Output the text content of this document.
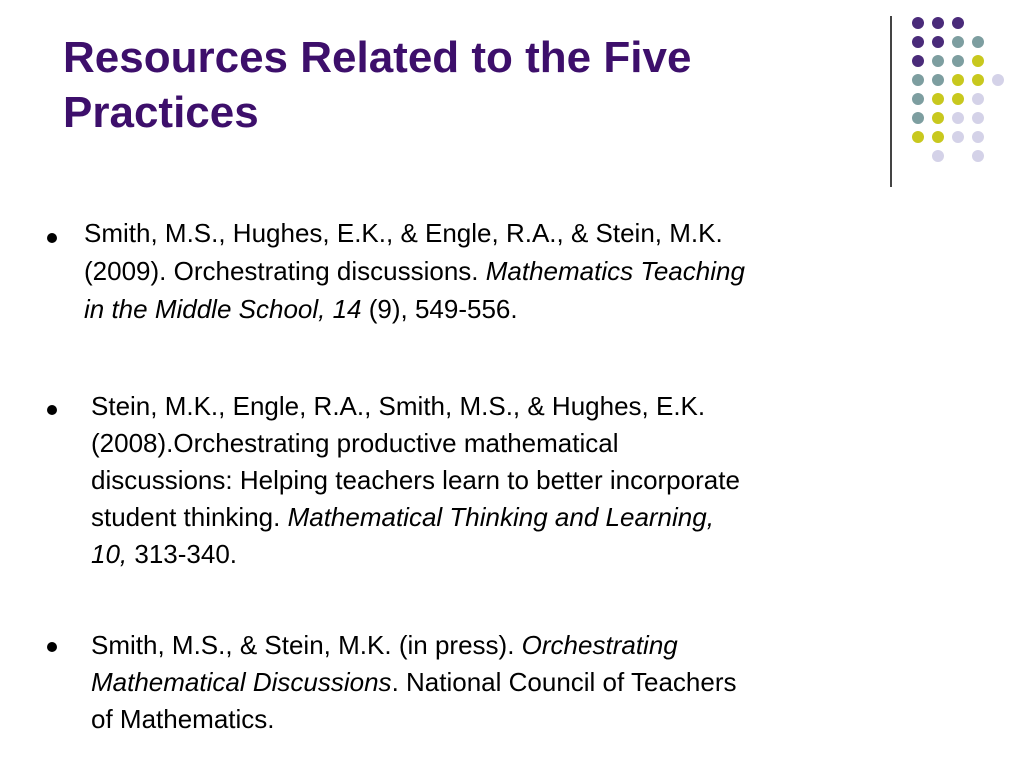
Resources Related to the Five
Practices
Smith, M.S., Hughes, E.K., & Engle, R.A., & Stein, M.K.
(2009). Orchestrating discussions. Mathematics Teaching
in the Middle School, 14 (9), 549-556.
Stein, M.K., Engle, R.A., Smith, M.S., & Hughes, E.K.
(2008).Orchestrating productive mathematical
discussions: Helping teachers learn to better incorporate
student thinking. Mathematical Thinking and Learning,
10, 313-340.
Smith, M.S., & Stein, M.K. (in press). Orchestrating
Mathematical Discussions. National Council of Teachers
of Mathematics.
